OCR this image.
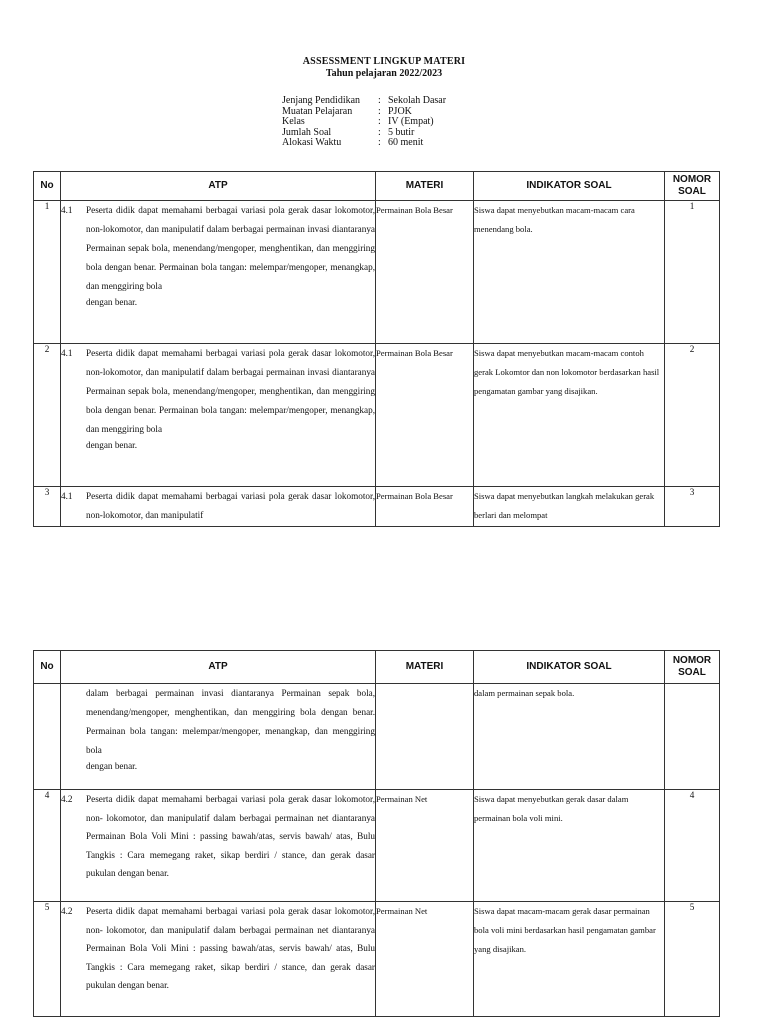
ASSESSMENT LINGKUP MATERI
Tahun pelajaran 2022/2023
Jenjang Pendidikan	: Sekolah Dasar
Muatan Pelajaran	: PJOK
Kelas	: IV (Empat)
Jumlah Soal	: 5 butir
Alokasi Waktu	: 60 menit
No	ATP	MATERI	INDIKATOR SOAL	NOMOR
SOAL

1	4.1 Peserta didik dapat memahami berbagai variasi pola gerak dasar lokomotor, non-lokomotor, dan manipulatif dalam berbagai permainan invasi diantaranya Permainan sepak bola, menendang/mengoper, menghentikan, dan menggiring bola dengan benar. Permainan bola tangan: melempar/mengoper, menangkap, dan menggiring bola
dengan benar.	Permainan Bola Besar	Siswa dapat menyebutkan macam-macam cara menendang bola.	1
2	4.1 Peserta didik dapat memahami berbagai variasi pola gerak dasar lokomotor, non-lokomotor, dan manipulatif dalam berbagai permainan invasi diantaranya Permainan sepak bola, menendang/mengoper, menghentikan, dan menggiring bola dengan benar. Permainan bola tangan: melempar/mengoper, menangkap, dan menggiring bola
dengan benar.	Permainan Bola Besar	Siswa dapat menyebutkan macam-macam contoh gerak Lokomtor dan non lokomotor berdasarkan hasil pengamatan gambar yang disajikan.	2
3	4.1 Peserta didik dapat memahami berbagai variasi pola gerak dasar lokomotor, non-lokomotor, dan manipulatif	Permainan Bola Besar	Siswa dapat menyebutkan langkah melakukan gerak berlari dan melompat	3
No	ATP	MATERI	INDIKATOR SOAL	NOMOR
SOAL

	dalam berbagai permainan invasi diantaranya Permainan sepak bola, menendang/mengoper, menghentikan, dan menggiring bola dengan benar. Permainan bola tangan: melempar/mengoper, menangkap, dan menggiring bola
dengan benar.		dalam permainan sepak bola.	
4	4.2 Peserta didik dapat memahami berbagai variasi pola gerak dasar lokomotor, non- lokomotor, dan manipulatif dalam berbagai permainan net diantaranya Permainan Bola Voli Mini : passing bawah/atas, servis bawah/ atas, Bulu Tangkis : Cara memegang raket, sikap berdiri / stance, dan gerak dasar pukulan dengan benar.	Permainan Net	Siswa dapat menyebutkan gerak dasar dalam permainan bola voli mini.	4
5	4.2 Peserta didik dapat memahami berbagai variasi pola gerak dasar lokomotor, non- lokomotor, dan manipulatif dalam berbagai permainan net diantaranya Permainan Bola Voli Mini : passing bawah/atas, servis bawah/ atas, Bulu Tangkis : Cara memegang raket, sikap berdiri / stance, dan gerak dasar pukulan dengan benar.	Permainan Net	Siswa dapat macam-macam gerak dasar permainan bola voli mini berdasarkan hasil pengamatan gambar yang disajikan.	5
